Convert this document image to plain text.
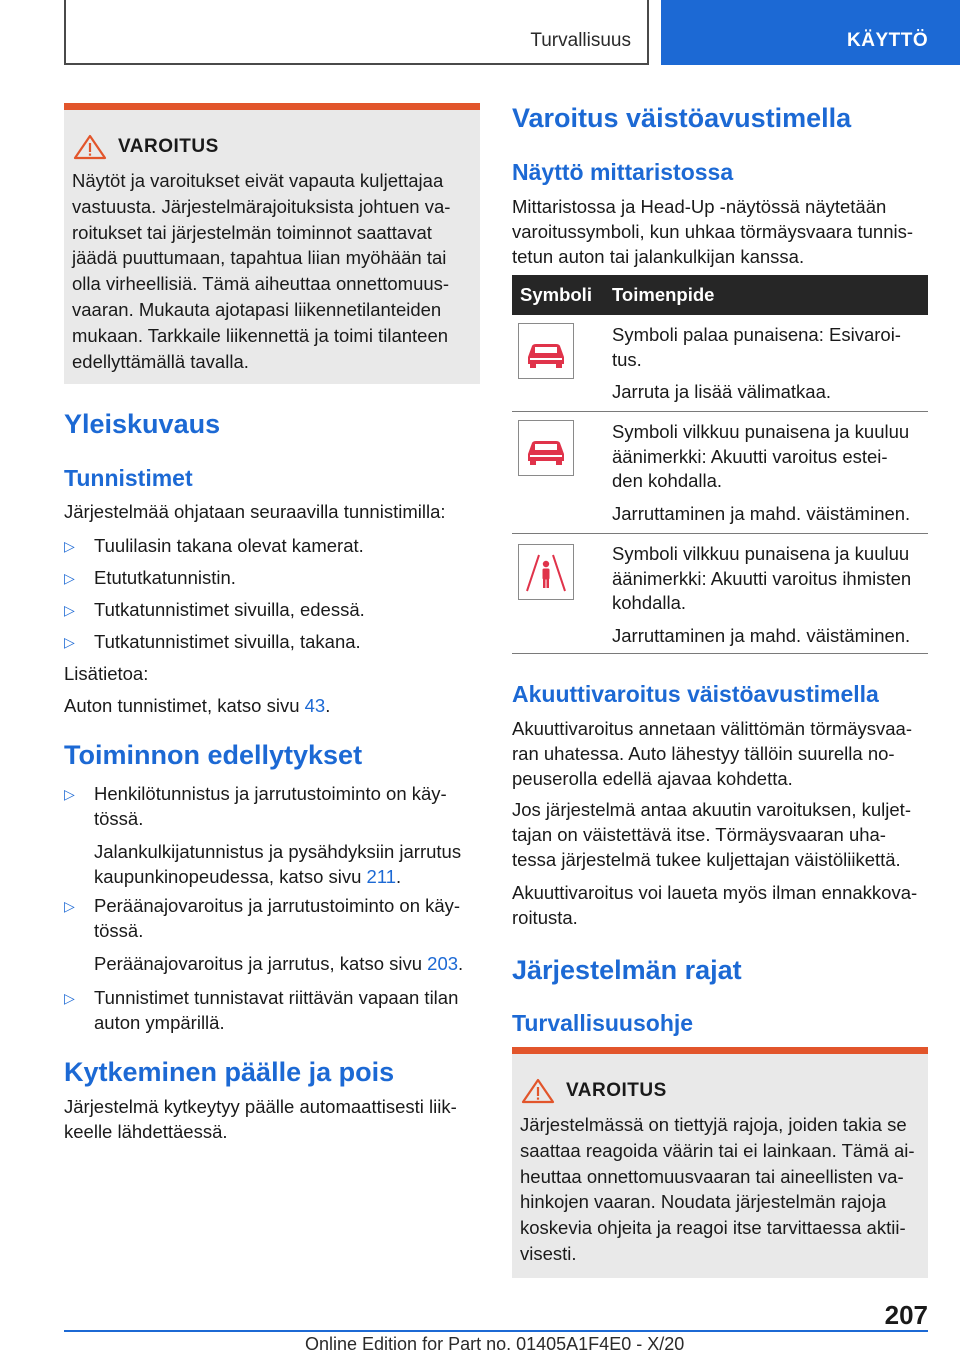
Turvallisuus	KÄYTTÖ
VAROITUS

Näytöt ja varoitukset eivät vapauta kuljettajaa

vastuusta. Järjestelmärajoituksista johtuen va-

roitukset tai järjestelmän toiminnot saattavat

jäädä puuttumaan, tapahtua liian myöhään tai

olla virheellisiä. Tämä aiheuttaa onnettomuus-

vaaran. Mukauta ajotapasi liikennetilanteiden

mukaan. Tarkkaile liikennettä ja toimi tilanteen

edellyttämällä tavalla.

Yleiskuvaus
Tunnistimet
Järjestelmää ohjataan seuraavilla tunnistimilla:
▷ Tuulilasin takana olevat kamerat.
▷ Etututkatunnistin.
▷ Tutkatunnistimet sivuilla, edessä.
▷ Tutkatunnistimet sivuilla, takana.
Lisätietoa:
Auton tunnistimet, katso sivu 43.
Toiminnon edellytykset
▷ Henkilötunnistus ja jarrutustoiminto on käy-
tössä.
Jalankulkijatunnistus ja pysähdyksiin jarrutus
kaupunkinopeudessa, katso sivu 211.
▷ Peräänajovaroitus ja jarrutustoiminto on käy-
tössä.
Peräänajovaroitus ja jarrutus, katso sivu 203.
▷ Tunnistimet tunnistavat riittävän vapaan tilan
auton ympärillä.
Kytkeminen päälle ja pois
Järjestelmä kytkeytyy päälle automaattisesti liik-
keelle lähdettäessä.
Varoitus väistöavustimella
Näyttö mittaristossa
Mittaristossa ja Head-Up -näytössä näytetään
varoitussymboli, kun uhkaa törmäysvaara tunnis-
tetun auton tai jalankulkijan kanssa.
Symboli	Toimenpide
Symboli palaa punaisena: Esivaroi-
tus.
Jarruta ja lisää välimatkaa.
Symboli vilkkuu punaisena ja kuuluu
äänimerkki: Akuutti varoitus estei-
den kohdalla.
Jarruttaminen ja mahd. väistäminen.
Symboli vilkkuu punaisena ja kuuluu
äänimerkki: Akuutti varoitus ihmisten
kohdalla.
Jarruttaminen ja mahd. väistäminen.
Akuuttivaroitus väistöavustimella
Akuuttivaroitus annetaan välittömän törmäysvaa-
ran uhatessa. Auto lähestyy tällöin suurella no-
peuserolla edellä ajavaa kohdetta.
Jos järjestelmä antaa akuutin varoituksen, kuljet-
tajan on väistettävä itse. Törmäysvaaran uha-
tessa järjestelmä tukee kuljettajan väistöliikettä.
Akuuttivaroitus voi laueta myös ilman ennakkova-
roitusta.
Järjestelmän rajat
Turvallisuusohje
VAROITUS

Järjestelmässä on tiettyjä rajoja, joiden takia se

saattaa reagoida väärin tai ei lainkaan. Tämä ai-

heuttaa onnettomuusvaaran tai aineellisten va-

hinkojen vaaran. Noudata järjestelmän rajoja

koskevia ohjeita ja reagoi itse tarvittaessa aktii-

visesti.

207
Online Edition for Part no. 01405A1F4E0 - X/20
